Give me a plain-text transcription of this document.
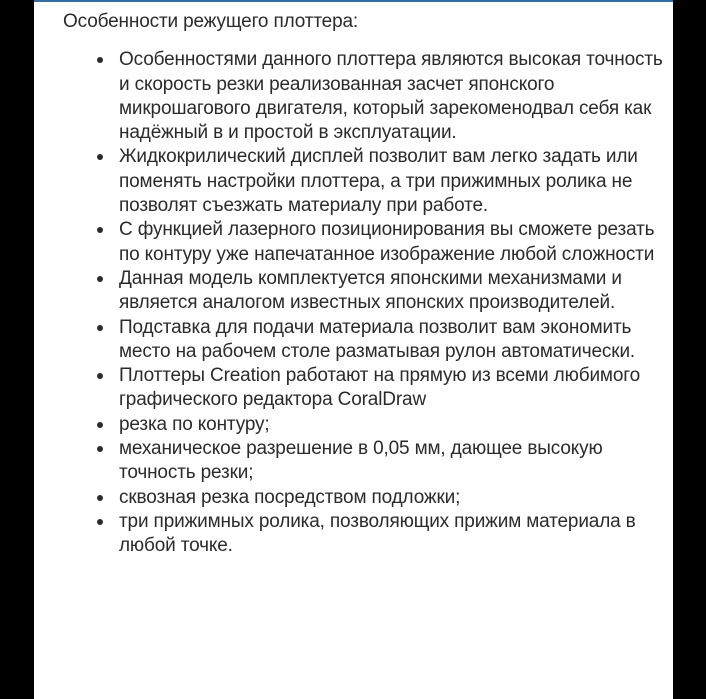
Особенности режущего плоттера:

Особенностями данного плоттера являются высокая точность и скорость резки реализованная засчет японского микрошагового двигателя, который зарекоменодвал себя как надёжный в и простой в эксплуатации.
Жидкокрилический дисплей позволит вам легко задать или поменять настройки плоттера, а три прижимных ролика не позволят съезжать материалу при работе.
С функцией лазерного позиционирования вы сможете резать по контуру уже напечатанное изображение любой сложности
Данная модель комплектуется японскими механизмами и является аналогом известных японских производителей.
Подставка для подачи материала позволит вам экономить место на рабочем столе разматывая рулон автоматически.
Плоттеры Creation работают на прямую из всеми любимого графического редактора CoralDraw
резка по контуру;
механическое разрешение в 0,05 мм, дающее высокую точность резки;
сквозная резка посредством подложки;
три прижимных ролика, позволяющих прижим материала в любой точке.
